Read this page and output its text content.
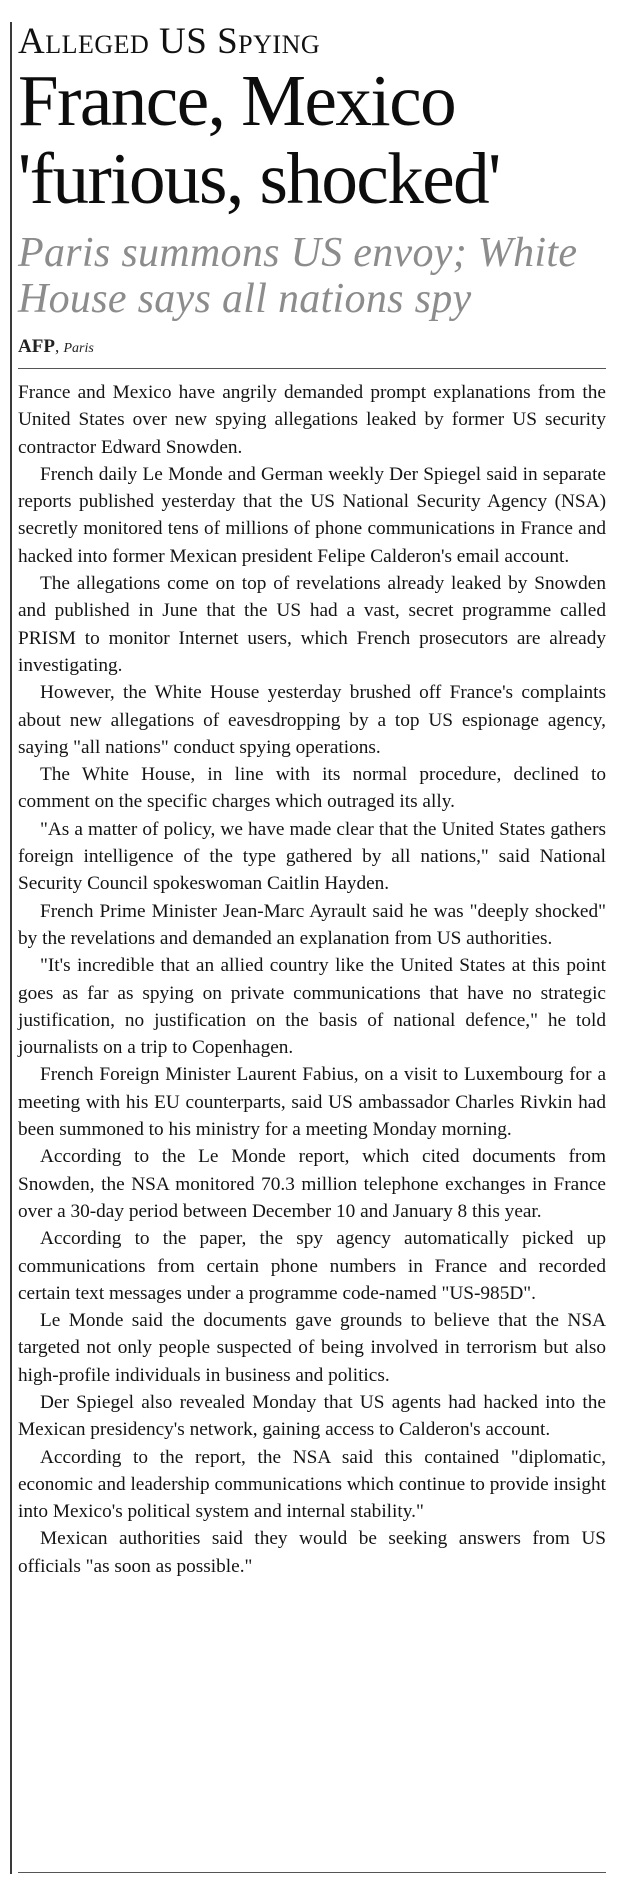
Alleged US Spying
France, Mexico
'furious, shocked'
Paris summons US envoy; White House says all nations spy
AFP, Paris

France and Mexico have angrily demanded prompt explanations from the United States over new spying allegations leaked by former US security contractor Edward Snowden.

French daily Le Monde and German weekly Der Spiegel said in separate reports published yesterday that the US National Security Agency (NSA) secretly monitored tens of millions of phone communications in France and hacked into former Mexican president Felipe Calderon's email account.

The allegations come on top of revelations already leaked by Snowden and published in June that the US had a vast, secret programme called PRISM to monitor Internet users, which French prosecutors are already investigating.

However, the White House yesterday brushed off France's complaints about new allegations of eavesdropping by a top US espionage agency, saying "all nations" conduct spying operations.

The White House, in line with its normal procedure, declined to comment on the specific charges which outraged its ally.

"As a matter of policy, we have made clear that the United States gathers foreign intelligence of the type gathered by all nations," said National Security Council spokeswoman Caitlin Hayden.

French Prime Minister Jean-Marc Ayrault said he was "deeply shocked" by the revelations and demanded an explanation from US authorities.

"It's incredible that an allied country like the United States at this point goes as far as spying on private communications that have no strategic justification, no justification on the basis of national defence," he told journalists on a trip to Copenhagen.

French Foreign Minister Laurent Fabius, on a visit to Luxembourg for a meeting with his EU counterparts, said US ambassador Charles Rivkin had been summoned to his ministry for a meeting Monday morning.

According to the Le Monde report, which cited documents from Snowden, the NSA monitored 70.3 million telephone exchanges in France over a 30-day period between December 10 and January 8 this year.

According to the paper, the spy agency automatically picked up communications from certain phone numbers in France and recorded certain text messages under a programme code-named "US-985D".

Le Monde said the documents gave grounds to believe that the NSA targeted not only people suspected of being involved in terrorism but also high-profile individuals in business and politics.

Der Spiegel also revealed Monday that US agents had hacked into the Mexican presidency's network, gaining access to Calderon's account.

According to the report, the NSA said this contained "diplomatic, economic and leadership communications which continue to provide insight into Mexico's political system and internal stability."

Mexican authorities said they would be seeking answers from US officials "as soon as possible."
